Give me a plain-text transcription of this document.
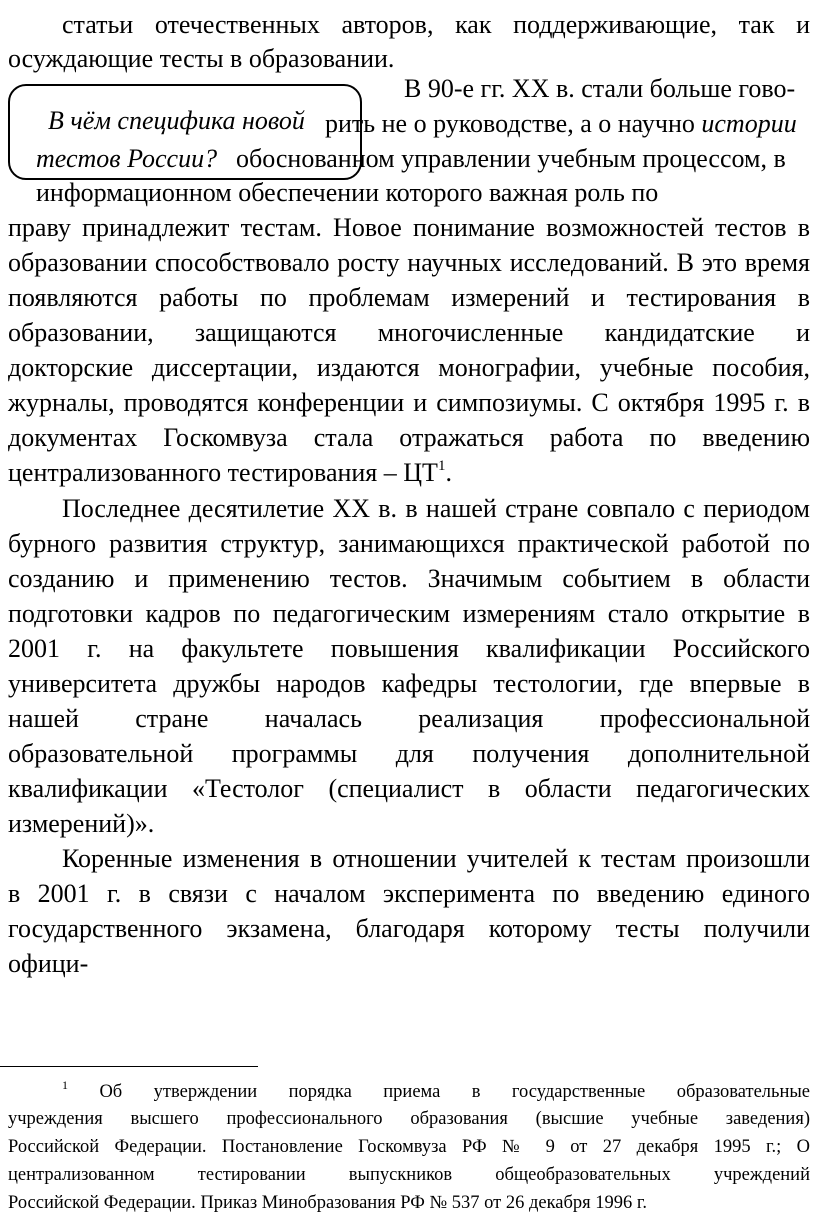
статьи отечественных авторов, как поддерживающие, так и
осуждающие тесты в образовании.
В чём специфика новой
тестов России?
В 90-е гг. XX в. стали больше гово-
рить не о руководстве, а о научно истории
обоснованном управлении учебным процессом, в
информационном обеспечении которого важная роль по
праву принадлежит тестам. Новое понимание возможностей тестов в
образовании способствовало росту научных исследований. В это время
появляются работы по проблемам измерений и тестирования в
образовании, защищаются многочисленные кандидатские и
докторские диссертации, издаются монографии, учебные пособия,
журналы, проводятся конференции и симпозиумы. С октября 1995 г. в
документах Госкомвуза стала отражаться работа по введению
централизованного тестирования – $ЦТ^1$.
Последнее десятилетие XX в. в нашей стране совпало с периодом
бурного развития структур, занимающихся практической работой по
созданию и применению тестов. Значимым событием в области
подготовки кадров по педагогическим измерениям стало открытие в
2001 г. на факультете повышения квалификации Российского
университета дружбы народов кафедры тестологии, где впервые в
нашей стране началась реализация профессиональной
образовательной программы для получения дополнительной
квалификации «Тестолог (специалист в области педагогических
измерений)».
Коренные изменения в отношении учителей к тестам произошли
в 2001 г. в связи с началом эксперимента по введению единого
государственного экзамена, благодаря которому тесты получили
офици-
$^1$ Об утверждении порядка приема в государственные образовательные
учреждения высшего профессионального образования (высшие учебные заведения)
Российской Федерации. Постановление Госкомвуза РФ № 9 от 27 декабря 1995 г.; О
централизованном тестировании выпускников общеобразовательных учреждений
Российской Федерации. Приказ Минобразования РФ № 537 от 26 декабря 1996 г.
